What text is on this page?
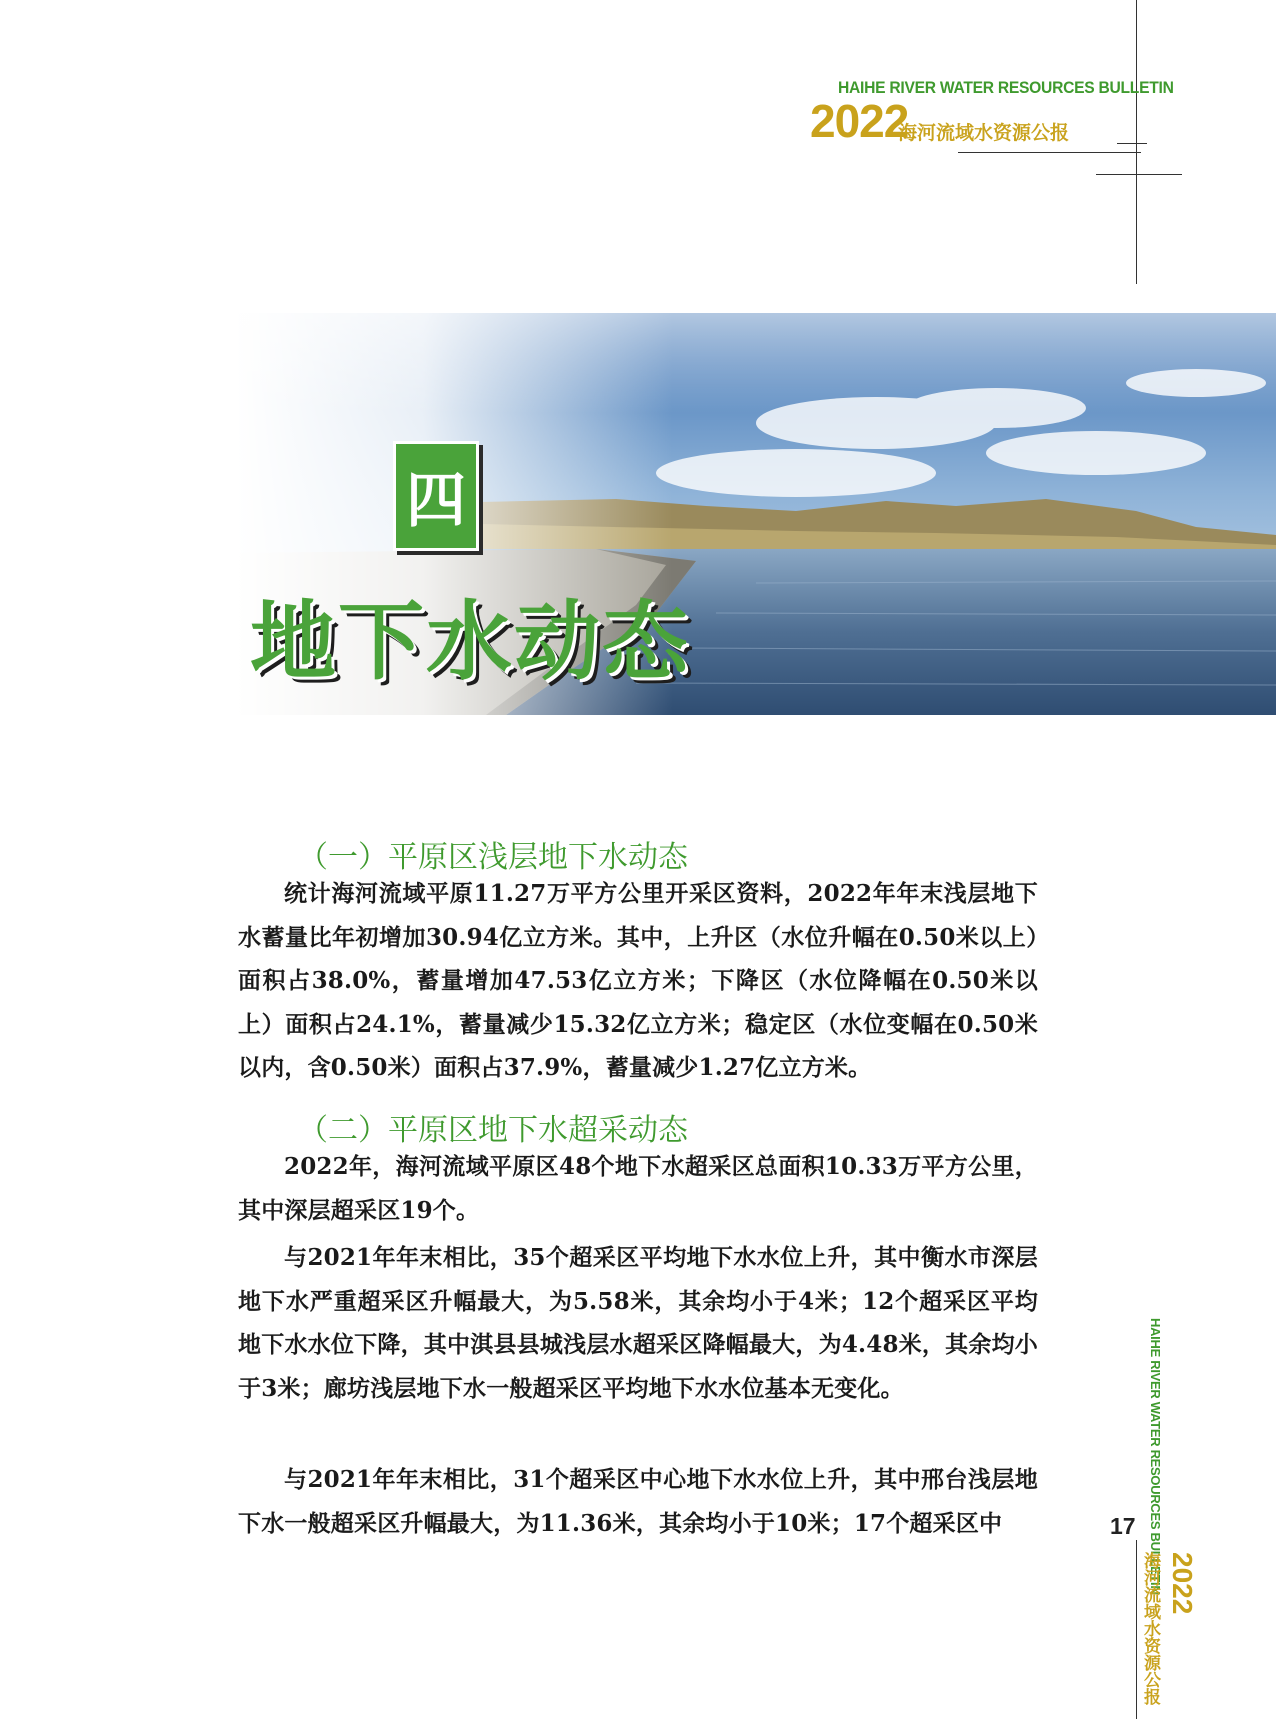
HAIHE RIVER WATER RESOURCES BULLETIN
2022
海河流域水资源公报
四
地下水动态
（一）平原区浅层地下水动态
统计海河流域平原11.27万平方公里开采区资料，2022年年末浅层地下水蓄量比年初增加30.94亿立方米。其中，上升区（水位升幅在0.50米以上）面积占38.0%，蓄量增加47.53亿立方米；下降区（水位降幅在0.50米以上）面积占24.1%，蓄量减少15.32亿立方米；稳定区（水位变幅在0.50米以内，含0.50米）面积占37.9%，蓄量减少1.27亿立方米。
（二）平原区地下水超采动态
2022年，海河流域平原区48个地下水超采区总面积10.33万平方公里，其中深层超采区19个。
与2021年年末相比，35个超采区平均地下水水位上升，其中衡水市深层地下水严重超采区升幅最大，为5.58米，其余均小于4米；12个超采区平均地下水水位下降，其中淇县县城浅层水超采区降幅最大，为4.48米，其余均小于3米；廊坊浅层地下水一般超采区平均地下水水位基本无变化。
与2021年年末相比，31个超采区中心地下水水位上升，其中邢台浅层地下水一般超采区升幅最大，为11.36米，其余均小于10米；17个超采区中	HAIHE RIVER WATER RESOURCES BULLETIN
17
2022
海河流域水资源公报
